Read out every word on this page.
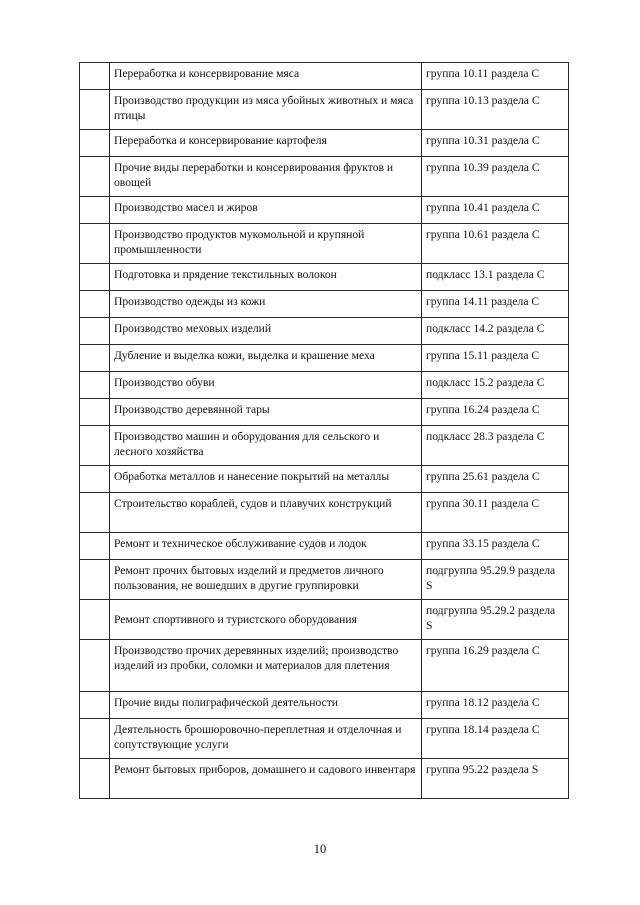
	Переработка и консервирование мяса	группа 10.11 раздела С
	Производство продукции из мяса убойных животных и мяса птицы	группа 10.13 раздела С
	Переработка и консервирование картофеля	группа 10.31 раздела С
	Прочие виды переработки и консервирования фруктов и овощей	группа 10.39 раздела С
	Производство масел и жиров	группа 10.41 раздела С
	Производство продуктов мукомольной и крупяной промышленности	группа 10.61 раздела С
	Подготовка и прядение текстильных волокон	подкласс 13.1 раздела С
	Производство одежды из кожи	группа 14.11 раздела С
	Производство меховых изделий	подкласс 14.2 раздела С
	Дубление и выделка кожи, выделка и крашение меха	группа 15.11 раздела С
	Производство обуви	подкласс 15.2 раздела С
	Производство деревянной тары	группа 16.24 раздела С
	Производство машин и оборудования для сельского и лесного хозяйства	подкласс 28.3 раздела С
	Обработка металлов и нанесение покрытий на металлы	группа 25.61 раздела С
	Строительство кораблей, судов и плавучих конструкций	группа 30.11 раздела С
	Ремонт и техническое обслуживание судов и лодок	группа 33.15 раздела С
	Ремонт прочих бытовых изделий и предметов личного пользования, не вошедших в другие группировки	подгруппа 95.29.9 раздела S
	Ремонт спортивного и туристского оборудования	подгруппа 95.29.2 раздела S
	Производство прочих деревянных изделий; производство изделий из пробки, соломки и материалов для плетения	группа 16.29 раздела С
	Прочие виды полиграфической деятельности	группа 18.12 раздела С
	Деятельность брошюровочно-переплетная и отделочная и сопутствующие услуги	группа 18.14 раздела С
	Ремонт бытовых приборов, домашнего и садового инвентаря	группа 95.22 раздела S
10
